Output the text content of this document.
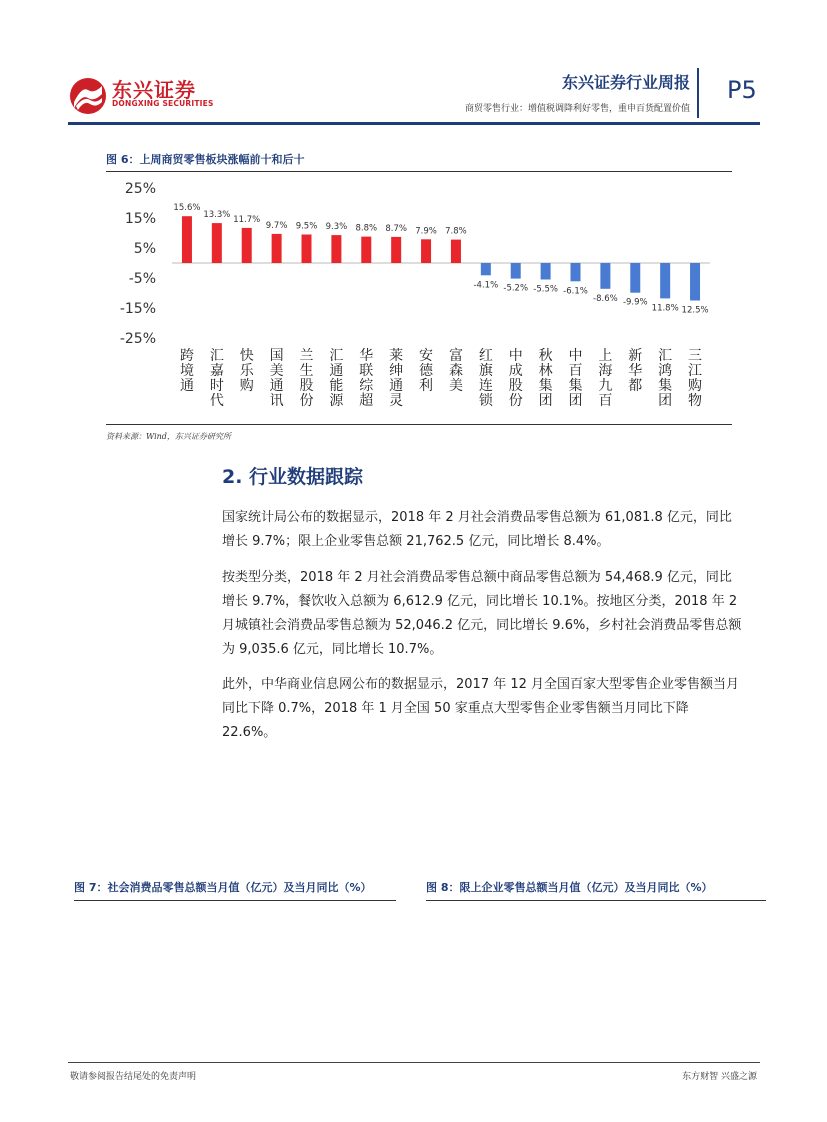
东兴证券
DONGXING SECURITIES
东兴证券行业周报
商贸零售行业：增值税调降利好零售，重申百货配置价值
P5
图 6：上周商贸零售板块涨幅前十和后十
25%
15%
5%
-5%
-15%
-25%
15.6%
跨境通
13.3%
汇嘉时代
11.7%
快乐购
9.7%
国美通讯
9.5%
兰生股份
9.3%
汇通能源
8.8%
华联综超
8.7%
莱绅通灵
7.9%
安德利
7.8%
富森美
-4.1%
红旗连锁
-5.2%
中成股份
-5.5%
秋林集团
-6.1%
中百集团
-8.6%
上海九百
-9.9%
新华都
11.8%
汇鸿集团
12.5%
三江购物
资料来源：Wind，东兴证券研究所
2. 行业数据跟踪

国家统计局公布的数据显示，2018 年 2 月社会消费品零售总额为 61,081.8 亿元，同比增长 9.7%；限上企业零售总额 21,762.5 亿元，同比增长 8.4%。

按类型分类，2018 年 2 月社会消费品零售总额中商品零售总额为 54,468.9 亿元，同比增长 9.7%，餐饮收入总额为 6,612.9 亿元，同比增长 10.1%。按地区分类，2018 年 2 月城镇社会消费品零售总额为 52,046.2 亿元，同比增长 9.6%，乡村社会消费品零售总额为 9,035.6 亿元，同比增长 10.7%。

此外，中华商业信息网公布的数据显示，2017 年 12 月全国百家大型零售企业零售额当月同比下降 0.7%，2018 年 1 月全国 50 家重点大型零售企业零售额当月同比下降 22.6%。

图 7：社会消费品零售总额当月值（亿元）及当月同比（%）	图 8：限上企业零售总额当月值（亿元）及当月同比（%）
敬请参阅报告结尾处的免责声明	东方财智 兴盛之源
